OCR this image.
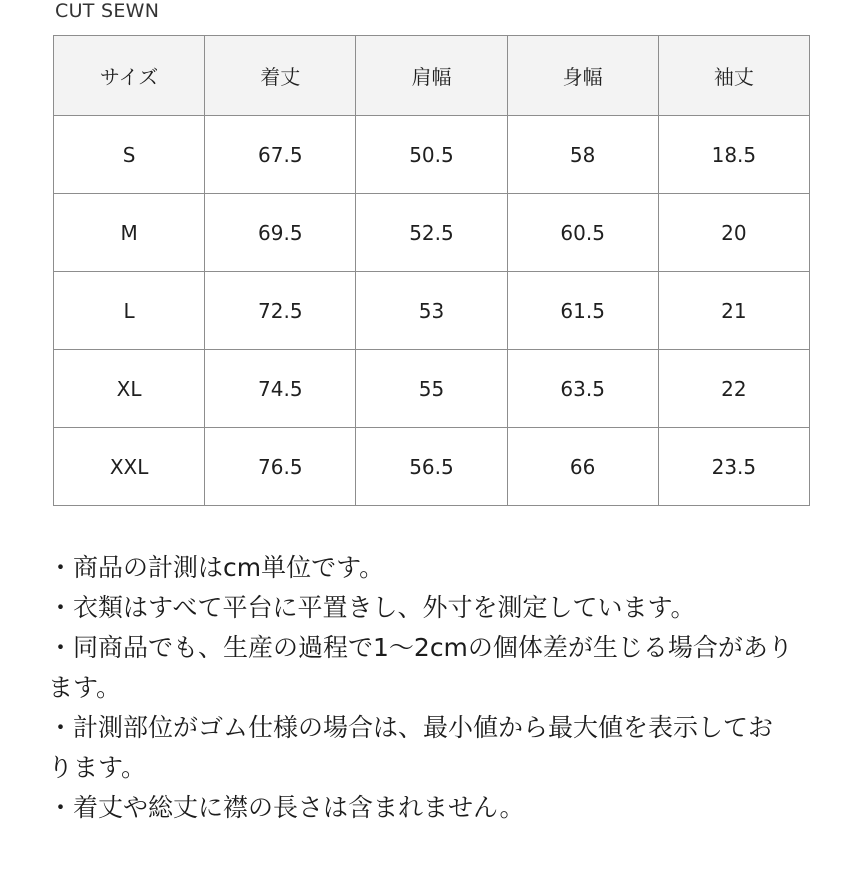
CUT SEWN
サイズ	着丈	肩幅	身幅	袖丈
S	67.5	50.5	58	18.5
M	69.5	52.5	60.5	20
L	72.5	53	61.5	21
XL	74.5	55	63.5	22
XXL	76.5	56.5	66	23.5
・商品の計測はcm単位です。
・衣類はすべて平台に平置きし、外寸を測定しています。
・同商品でも、生産の過程で1〜2cmの個体差が生じる場合があり
ます。
・計測部位がゴム仕様の場合は、最小値から最大値を表示してお
ります。
・着丈や総丈に襟の長さは含まれません。
